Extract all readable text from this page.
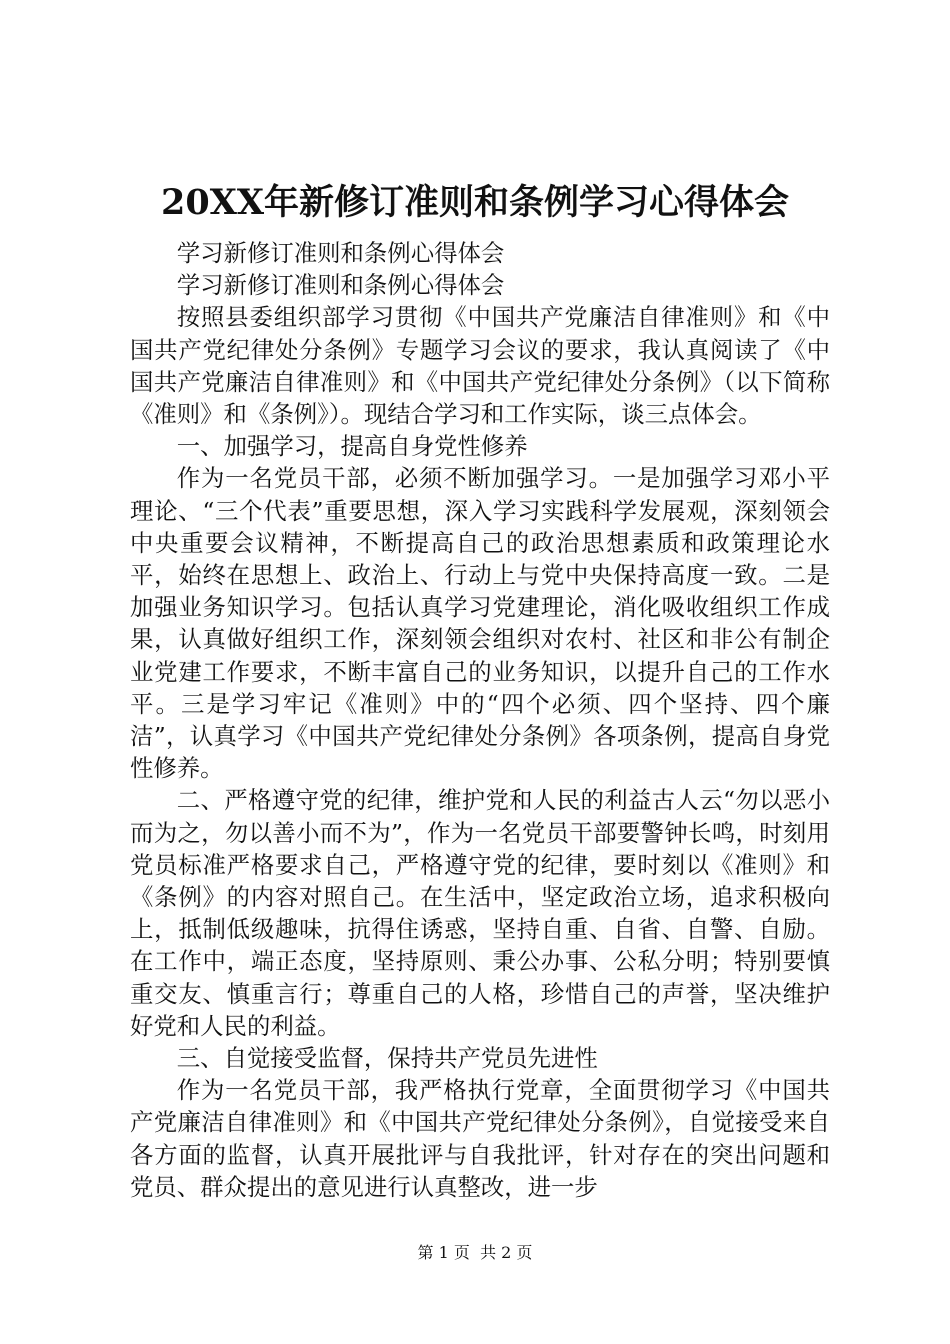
20XX年新修订准则和条例学习心得体会

学习新修订准则和条例心得体会

学习新修订准则和条例心得体会

按照县委组织部学习贯彻《中国共产党廉洁自律准则》和《中国共产党纪律处分条例》专题学习会议的要求，我认真阅读了《中国共产党廉洁自律准则》和《中国共产党纪律处分条例》（以下简称《准则》和《条例》）。现结合学习和工作实际，谈三点体会。

一、加强学习，提高自身党性修养

作为一名党员干部，必须不断加强学习。一是加强学习邓小平理论、“三个代表”重要思想，深入学习实践科学发展观，深刻领会中央重要会议精神，不断提高自己的政治思想素质和政策理论水平，始终在思想上、政治上、行动上与党中央保持高度一致。二是加强业务知识学习。包括认真学习党建理论，消化吸收组织工作成果，认真做好组织工作，深刻领会组织对农村、社区和非公有制企业党建工作要求，不断丰富自己的业务知识，以提升自己的工作水平。三是学习牢记《准则》中的“四个必须、四个坚持、四个廉洁”，认真学习《中国共产党纪律处分条例》各项条例，提高自身党性修养。

二、严格遵守党的纪律，维护党和人民的利益古人云“勿以恶小而为之，勿以善小而不为”，作为一名党员干部要警钟长鸣，时刻用党员标准严格要求自己，严格遵守党的纪律，要时刻以《准则》和《条例》的内容对照自己。在生活中，坚定政治立场，追求积极向上，抵制低级趣味，抗得住诱惑，坚持自重、自省、自警、自励。在工作中，端正态度，坚持原则、秉公办事、公私分明；特别要慎重交友、慎重言行；尊重自己的人格，珍惜自己的声誉，坚决维护好党和人民的利益。

三、自觉接受监督，保持共产党员先进性

作为一名党员干部，我严格执行党章，全面贯彻学习《中国共产党廉洁自律准则》和《中国共产党纪律处分条例》，自觉接受来自各方面的监督，认真开展批评与自我批评，针对存在的突出问题和党员、群众提出的意见进行认真整改，进一步

第 1 页  共 2 页
